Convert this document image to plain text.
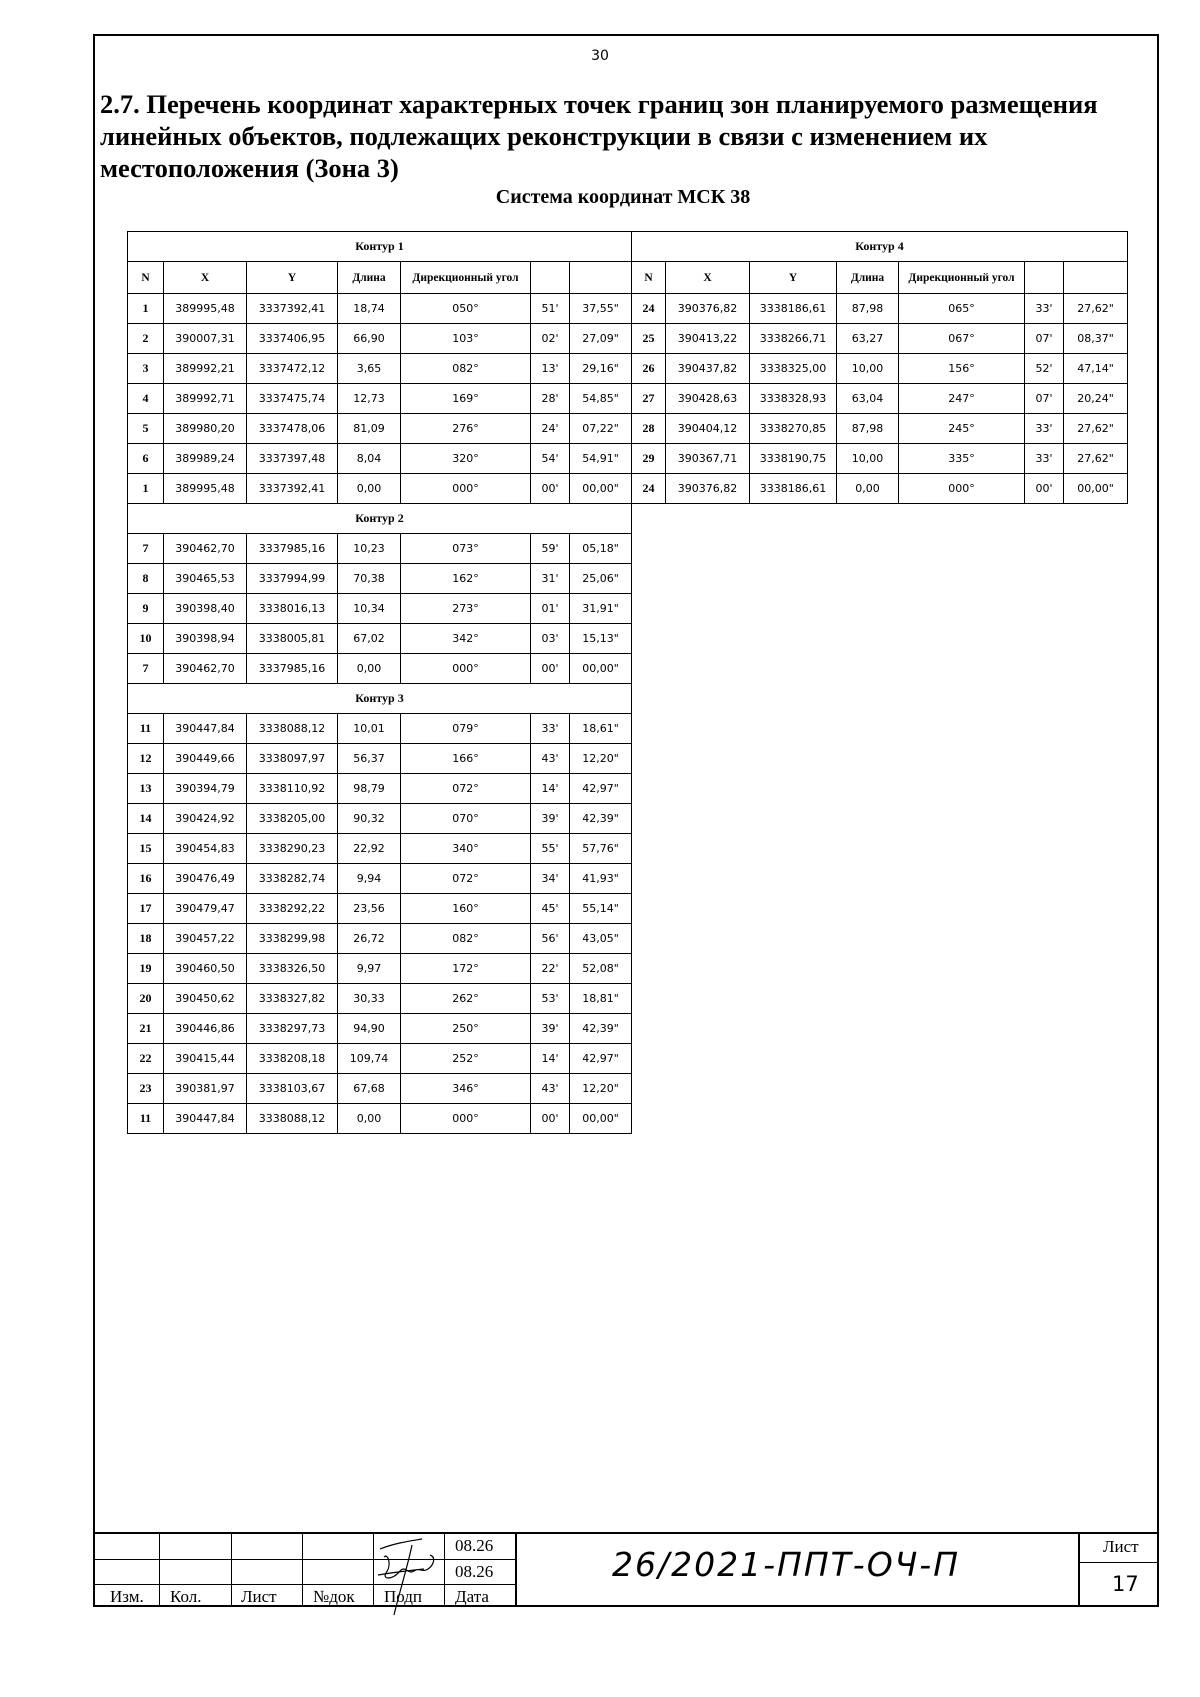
30
2.7. Перечень координат характерных точек границ зон планируемого размещения линейных объектов, подлежащих реконструкции в связи с изменением их местоположения (Зона 3)
Система координат МСК 38
Контур 1						
N	X	Y	Длина	Дирекционный угол		
1	389995,48	3337392,41	18,74	050°	51'	37,55"
2	390007,31	3337406,95	66,90	103°	02'	27,09"
3	389992,21	3337472,12	3,65	082°	13'	29,16"
4	389992,71	3337475,74	12,73	169°	28'	54,85"
5	389980,20	3337478,06	81,09	276°	24'	07,22"
6	389989,24	3337397,48	8,04	320°	54'	54,91"
1	389995,48	3337392,41	0,00	000°	00'	00,00"
Контур 2						
7	390462,70	3337985,16	10,23	073°	59'	05,18"
8	390465,53	3337994,99	70,38	162°	31'	25,06"
9	390398,40	3338016,13	10,34	273°	01'	31,91"
10	390398,94	3338005,81	67,02	342°	03'	15,13"
7	390462,70	3337985,16	0,00	000°	00'	00,00"
Контур 3						
11	390447,84	3338088,12	10,01	079°	33'	18,61"
12	390449,66	3338097,97	56,37	166°	43'	12,20"
13	390394,79	3338110,92	98,79	072°	14'	42,97"
14	390424,92	3338205,00	90,32	070°	39'	42,39"
15	390454,83	3338290,23	22,92	340°	55'	57,76"
16	390476,49	3338282,74	9,94	072°	34'	41,93"
17	390479,47	3338292,22	23,56	160°	45'	55,14"
18	390457,22	3338299,98	26,72	082°	56'	43,05"
19	390460,50	3338326,50	9,97	172°	22'	52,08"
20	390450,62	3338327,82	30,33	262°	53'	18,81"
21	390446,86	3338297,73	94,90	250°	39'	42,39"
22	390415,44	3338208,18	109,74	252°	14'	42,97"
23	390381,97	3338103,67	67,68	346°	43'	12,20"
11	390447,84	3338088,12	0,00	000°	00'	00,00"
Контур 4						
N	X	Y	Длина	Дирекционный угол		
24	390376,82	3338186,61	87,98	065°	33'	27,62"
25	390413,22	3338266,71	63,27	067°	07'	08,37"
26	390437,82	3338325,00	10,00	156°	52'	47,14"
27	390428,63	3338328,93	63,04	247°	07'	20,24"
28	390404,12	3338270,85	87,98	245°	33'	27,62"
29	390367,71	3338190,75	10,00	335°	33'	27,62"
24	390376,82	3338186,61	0,00	000°	00'	00,00"
08.26
08.26
Изм. Кол. Лист №док Подп Дата
26/2021-ППТ-ОЧ-П	Лист
17
